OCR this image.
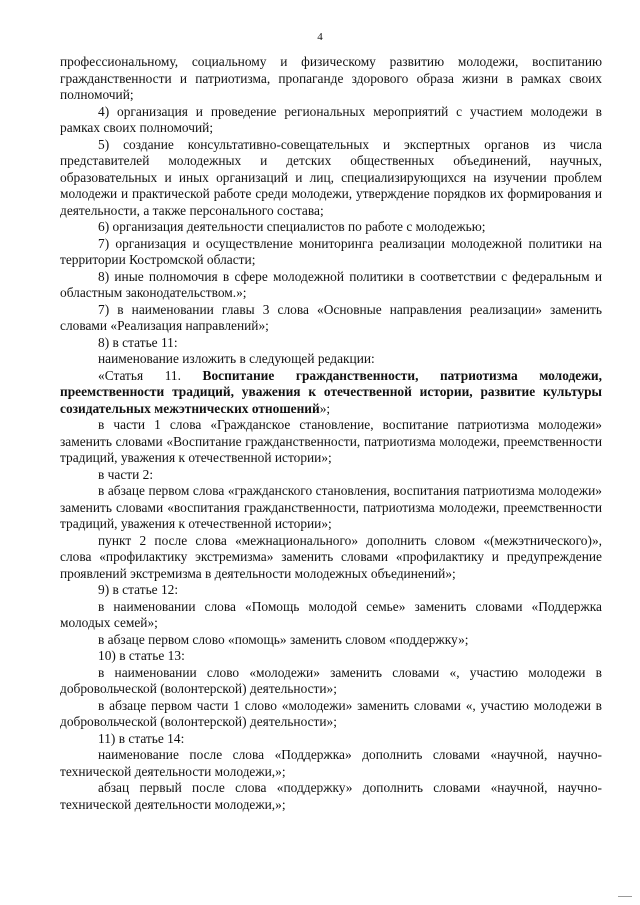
4

профессиональному, социальному и физическому развитию молодежи, воспитанию гражданственности и патриотизма, пропаганде здорового образа жизни в рамках своих полномочий;

4) организация и проведение региональных мероприятий с участием молодежи в рамках своих полномочий;

5) создание консультативно-совещательных и экспертных органов из числа представителей молодежных и детских общественных объединений, научных, образовательных и иных организаций и лиц, специализирующихся на изучении проблем молодежи и практической работе среди молодежи, утверждение порядков их формирования и деятельности, а также персонального состава;

6) организация деятельности специалистов по работе с молодежью;

7) организация и осуществление мониторинга реализации молодежной политики на территории Костромской области;

8) иные полномочия в сфере молодежной политики в соответствии с федеральным и областным законодательством.»;

7) в наименовании главы 3 слова «Основные направления реализации» заменить словами «Реализация направлений»;

8) в статье 11:

наименование изложить в следующей редакции:

«Статья 11. Воспитание гражданственности, патриотизма молодежи, преемственности традиций, уважения к отечественной истории, развитие культуры созидательных межэтнических отношений»;

в части 1 слова «Гражданское становление, воспитание патриотизма молодежи» заменить словами «Воспитание гражданственности, патриотизма молодежи, преемственности традиций, уважения к отечественной истории»;

в части 2:

в абзаце первом слова «гражданского становления, воспитания патриотизма молодежи» заменить словами «воспитания гражданственности, патриотизма молодежи, преемственности традиций, уважения к отечественной истории»;

пункт 2 после слова «межнационального» дополнить словом «(межэтнического)», слова «профилактику экстремизма» заменить словами «профилактику и предупреждение проявлений экстремизма в деятельности молодежных объединений»;

9) в статье 12:

в наименовании слова «Помощь молодой семье» заменить словами «Поддержка молодых семей»;

в абзаце первом слово «помощь» заменить словом «поддержку»;

10) в статье 13:

в наименовании слово «молодежи» заменить словами «, участию молодежи в добровольческой (волонтерской) деятельности»;

в абзаце первом части 1 слово «молодежи» заменить словами «, участию молодежи в добровольческой (волонтерской) деятельности»;

11) в статье 14:

наименование после слова «Поддержка» дополнить словами «научной, научно-технической деятельности молодежи,»;

абзац первый после слова «поддержку» дополнить словами «научной, научно-технической деятельности молодежи,»;
